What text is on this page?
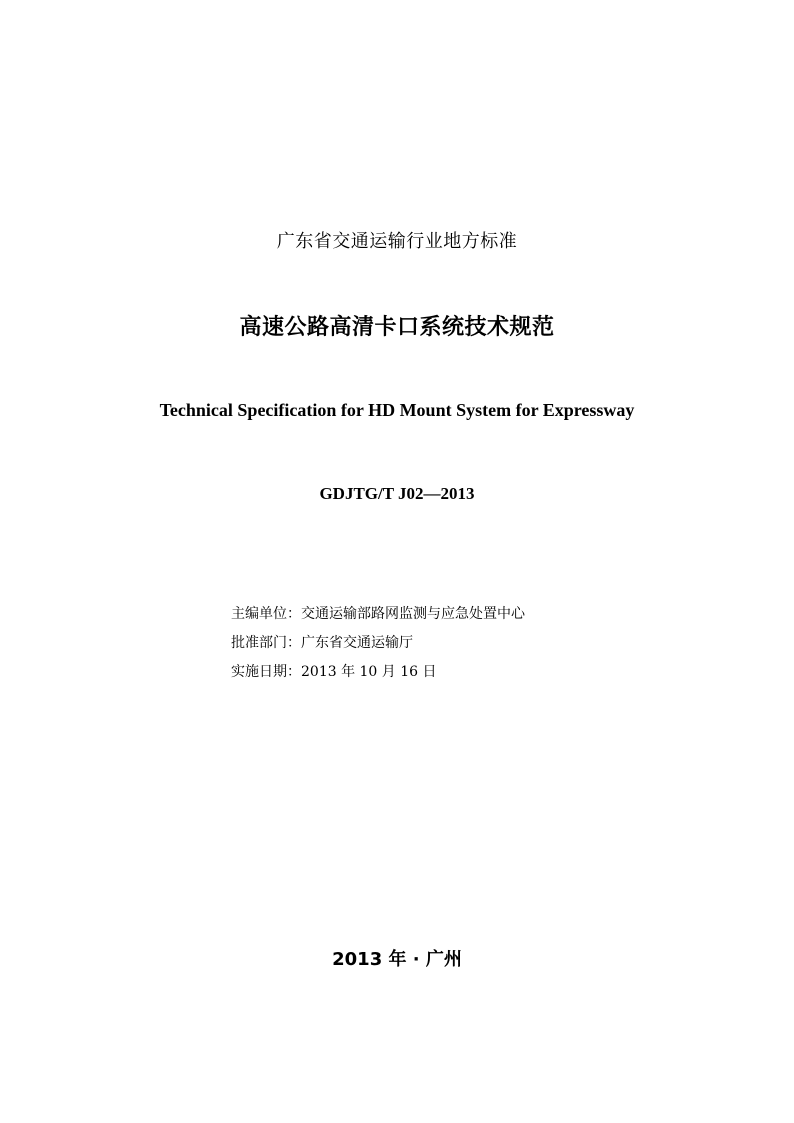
广东省交通运输行业地方标准
高速公路高清卡口系统技术规范
Technical Specification for HD Mount System for Expressway
GDJTG/T J02—2013
主编单位：交通运输部路网监测与应急处置中心
批准部门：广东省交通运输厅
实施日期：2013 年 10 月 16 日
2013 年 · 广州
